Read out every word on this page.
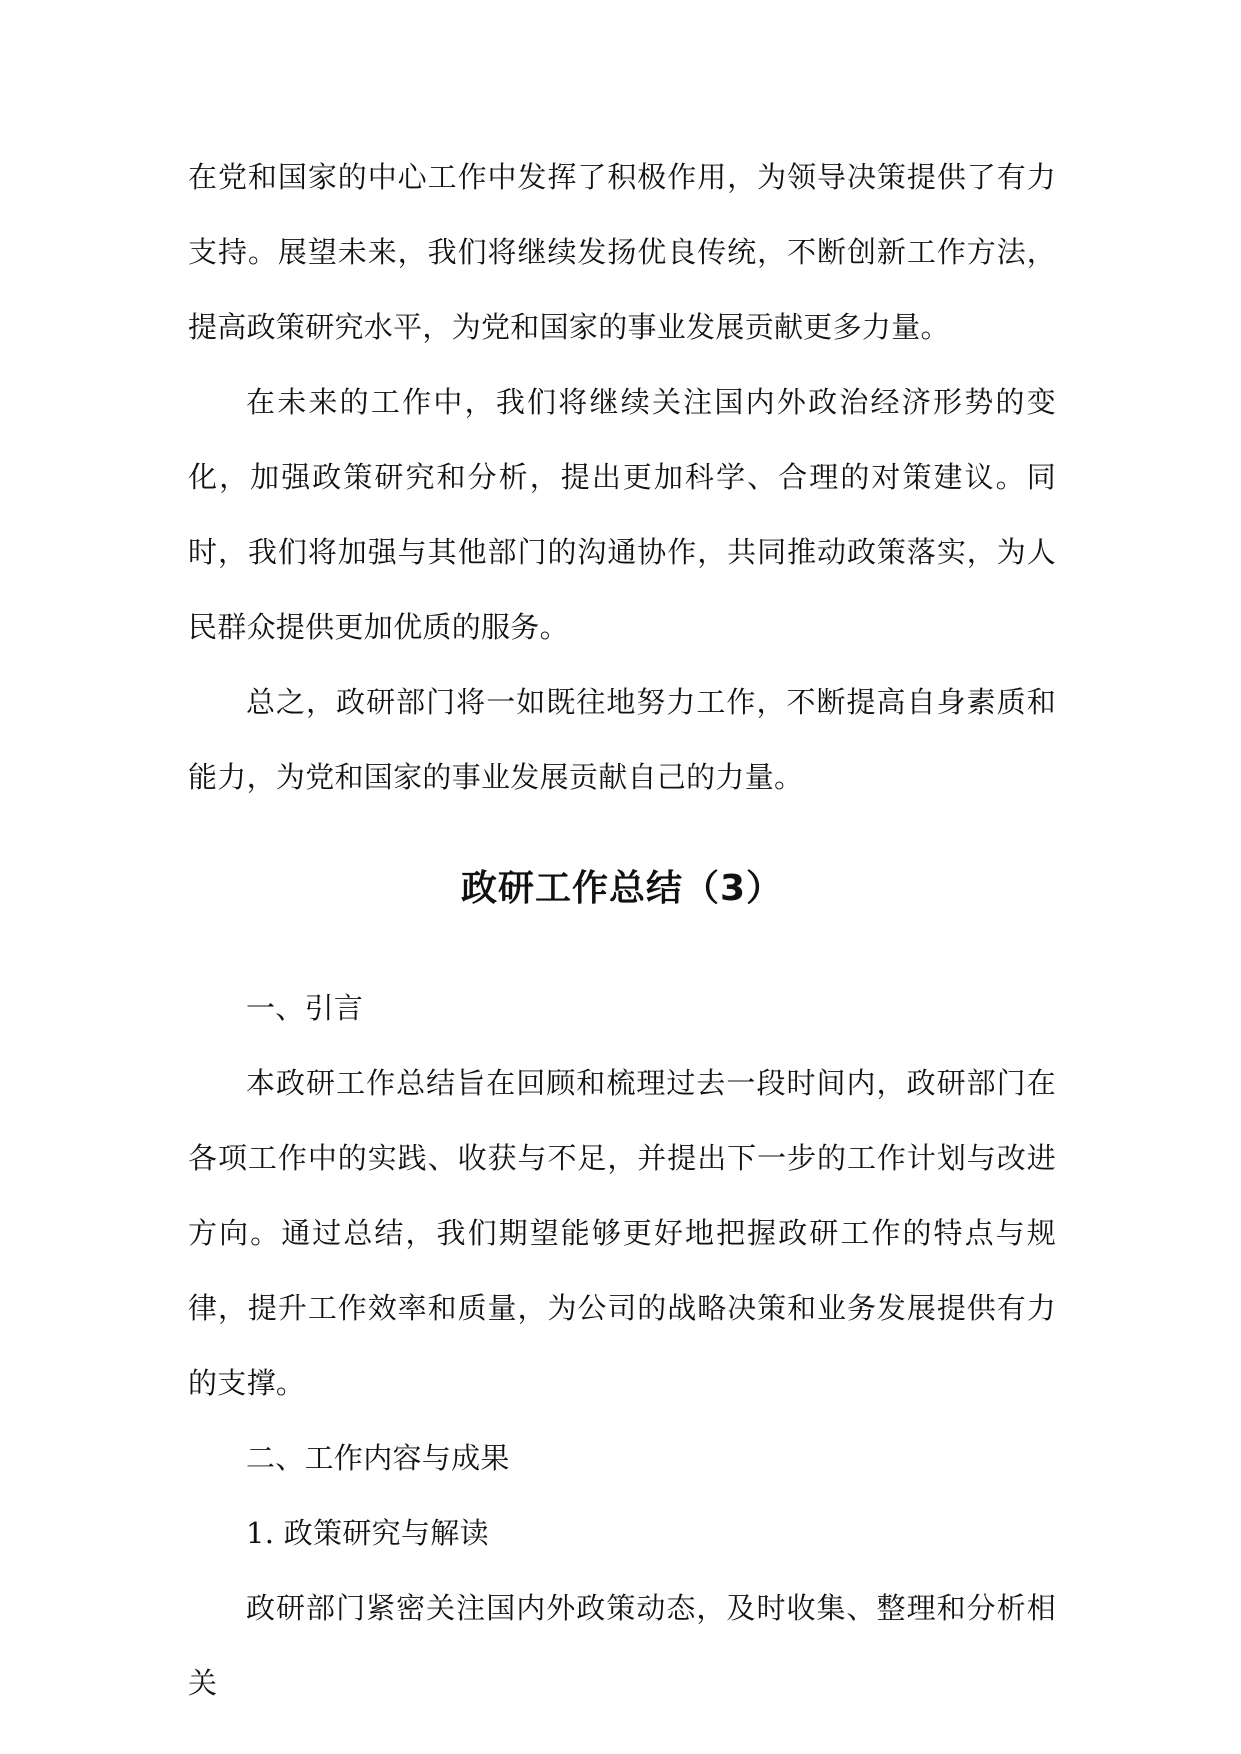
在党和国家的中心工作中发挥了积极作用，为领导决策提供了有力支持。展望未来，我们将继续发扬优良传统，不断创新工作方法，提高政策研究水平，为党和国家的事业发展贡献更多力量。

在未来的工作中，我们将继续关注国内外政治经济形势的变化，加强政策研究和分析，提出更加科学、合理的对策建议。同时，我们将加强与其他部门的沟通协作，共同推动政策落实，为人民群众提供更加优质的服务。

总之，政研部门将一如既往地努力工作，不断提高自身素质和能力，为党和国家的事业发展贡献自己的力量。

政研工作总结（3）

一、引言

本政研工作总结旨在回顾和梳理过去一段时间内，政研部门在各项工作中的实践、收获与不足，并提出下一步的工作计划与改进方向。通过总结，我们期望能够更好地把握政研工作的特点与规律，提升工作效率和质量，为公司的战略决策和业务发展提供有力的支撑。

二、工作内容与成果

1. 政策研究与解读

政研部门紧密关注国内外政策动态，及时收集、整理和分析相关
